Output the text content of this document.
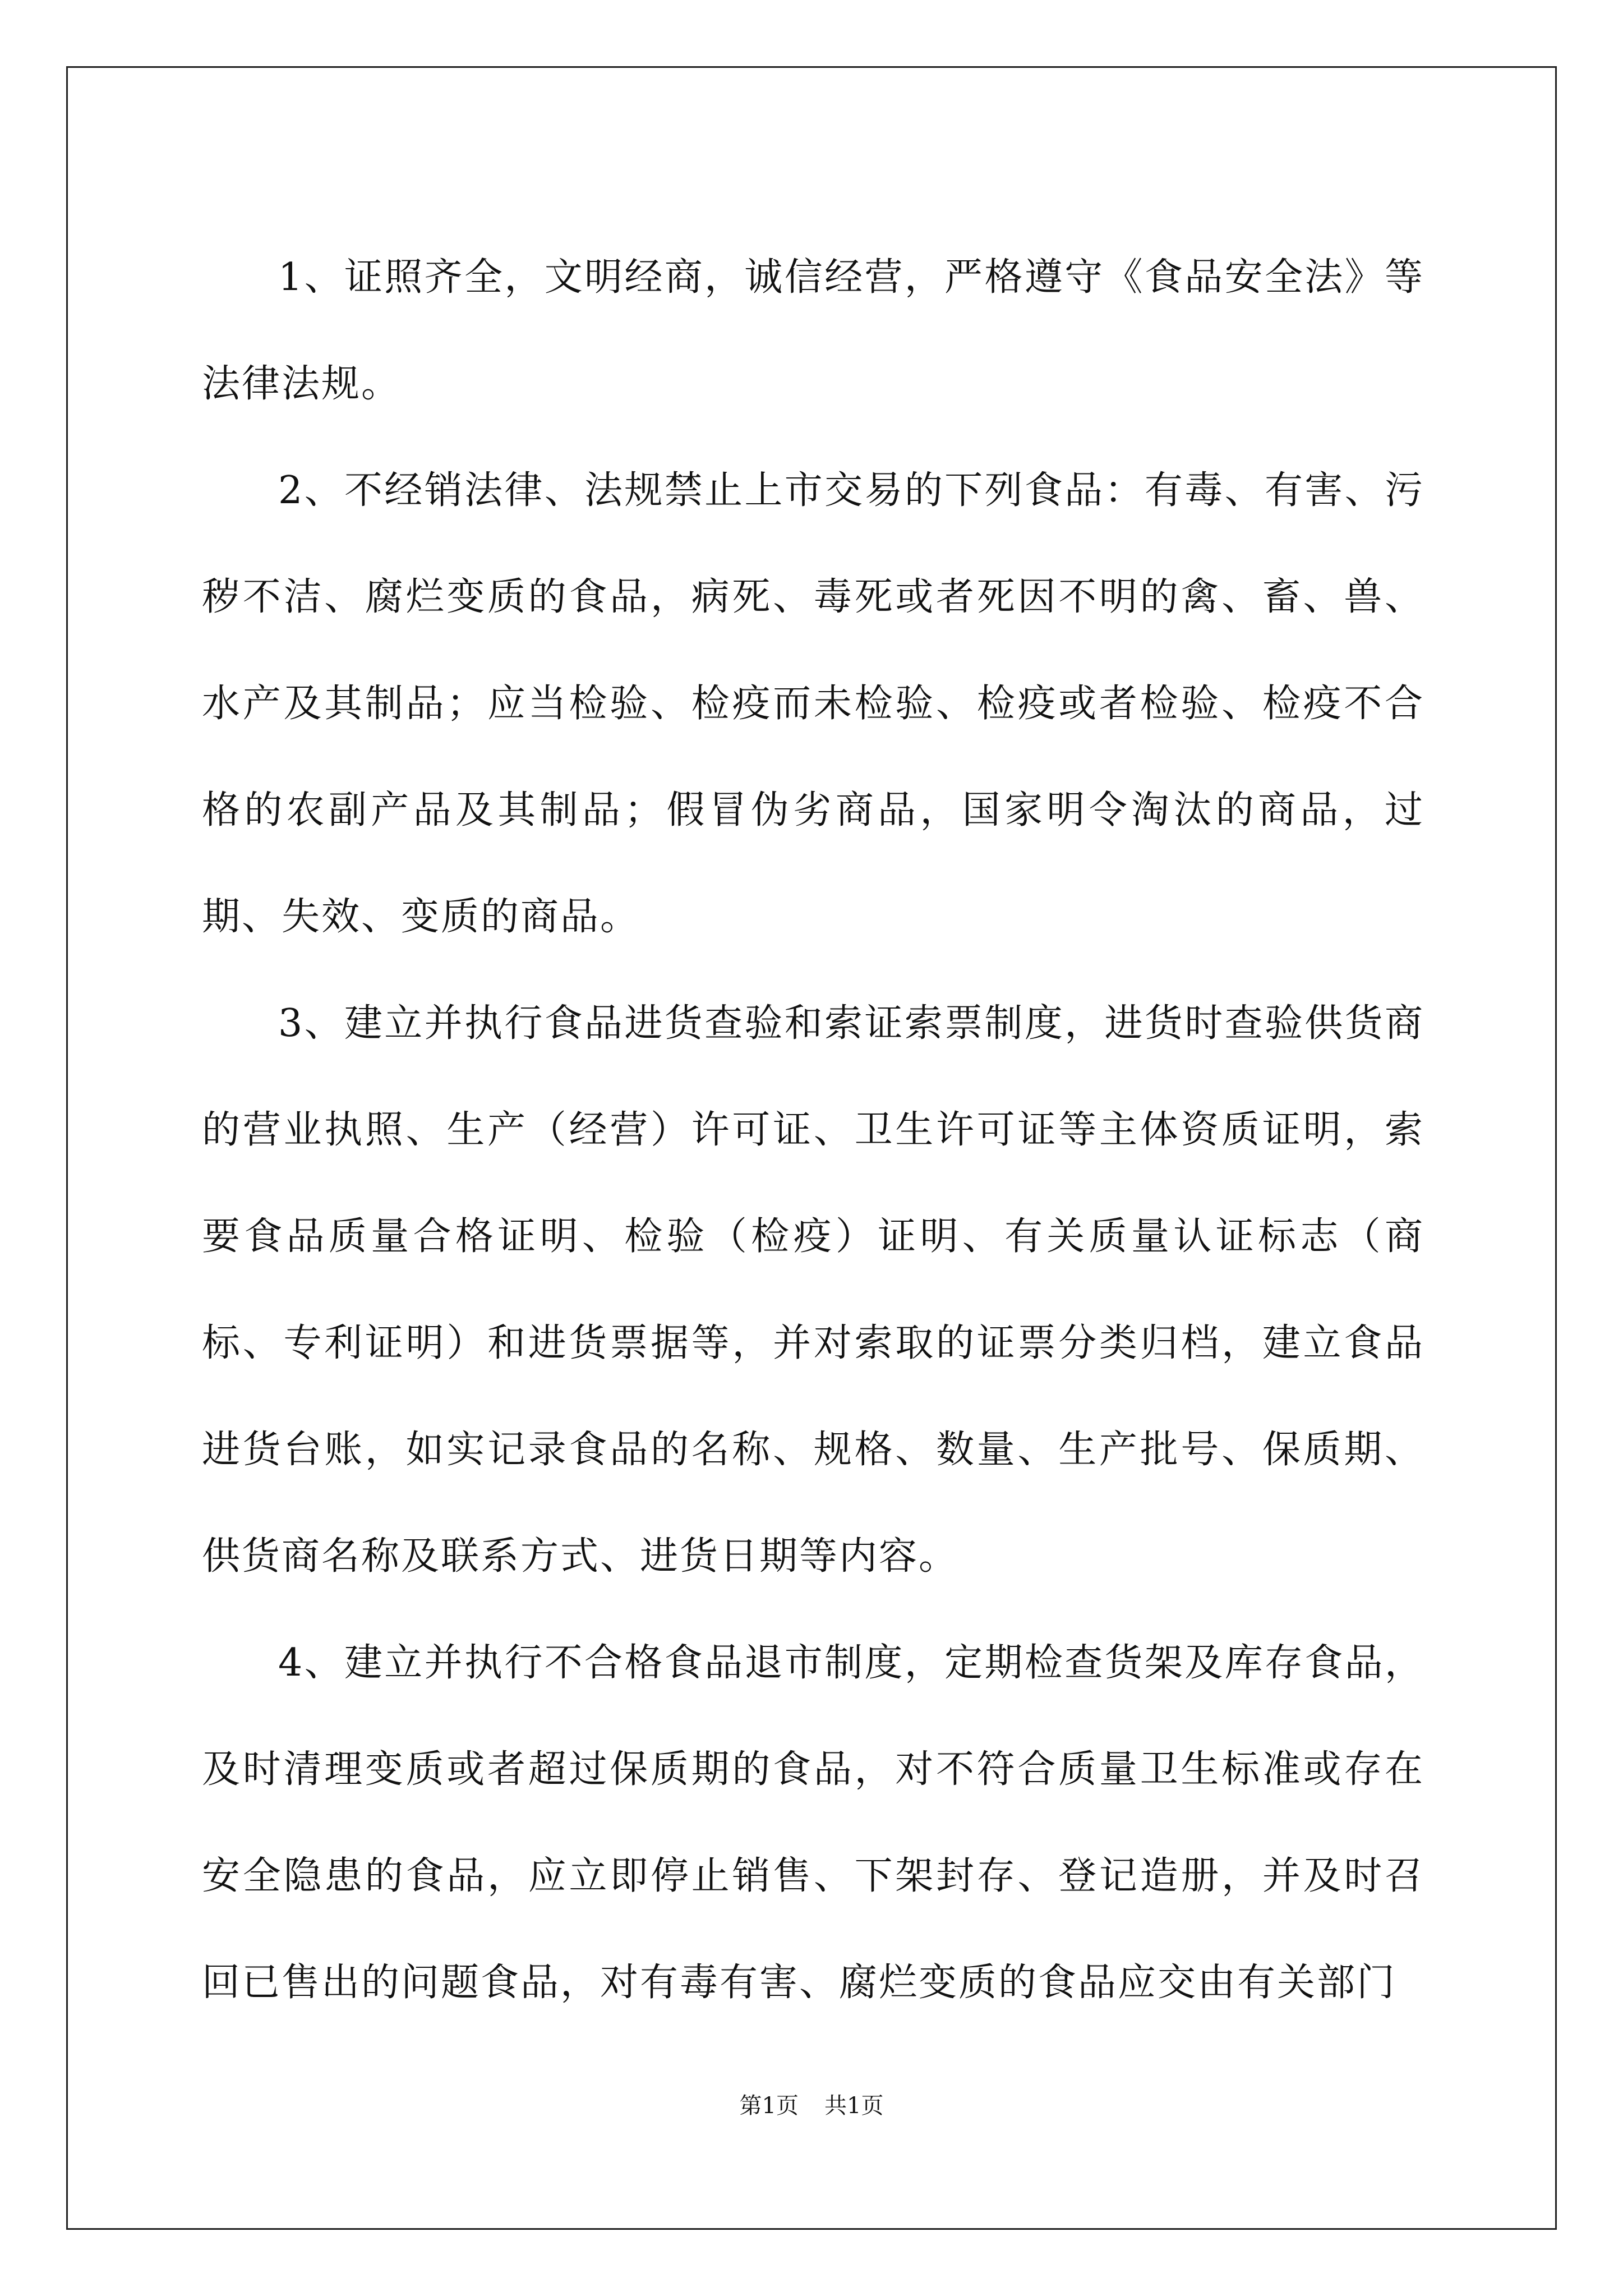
1、证照齐全，文明经商，诚信经营，严格遵守《食品安全法》等法律法规。

2、不经销法律、法规禁止上市交易的下列食品：有毒、有害、污秽不洁、腐烂变质的食品，病死、毒死或者死因不明的禽、畜、兽、水产及其制品；应当检验、检疫而未检验、检疫或者检验、检疫不合格的农副产品及其制品；假冒伪劣商品，国家明令淘汰的商品，过期、失效、变质的商品。

3、建立并执行食品进货查验和索证索票制度，进货时查验供货商的营业执照、生产（经营）许可证、卫生许可证等主体资质证明，索要食品质量合格证明、检验（检疫）证明、有关质量认证标志（商标、专利证明）和进货票据等，并对索取的证票分类归档，建立食品进货台账，如实记录食品的名称、规格、数量、生产批号、保质期、供货商名称及联系方式、进货日期等内容。

4、建立并执行不合格食品退市制度，定期检查货架及库存食品，及时清理变质或者超过保质期的食品，对不符合质量卫生标准或存在安全隐患的食品，应立即停止销售、下架封存、登记造册，并及时召回已售出的问题食品，对有毒有害、腐烂变质的食品应交由有关部门

第1页 共1页
